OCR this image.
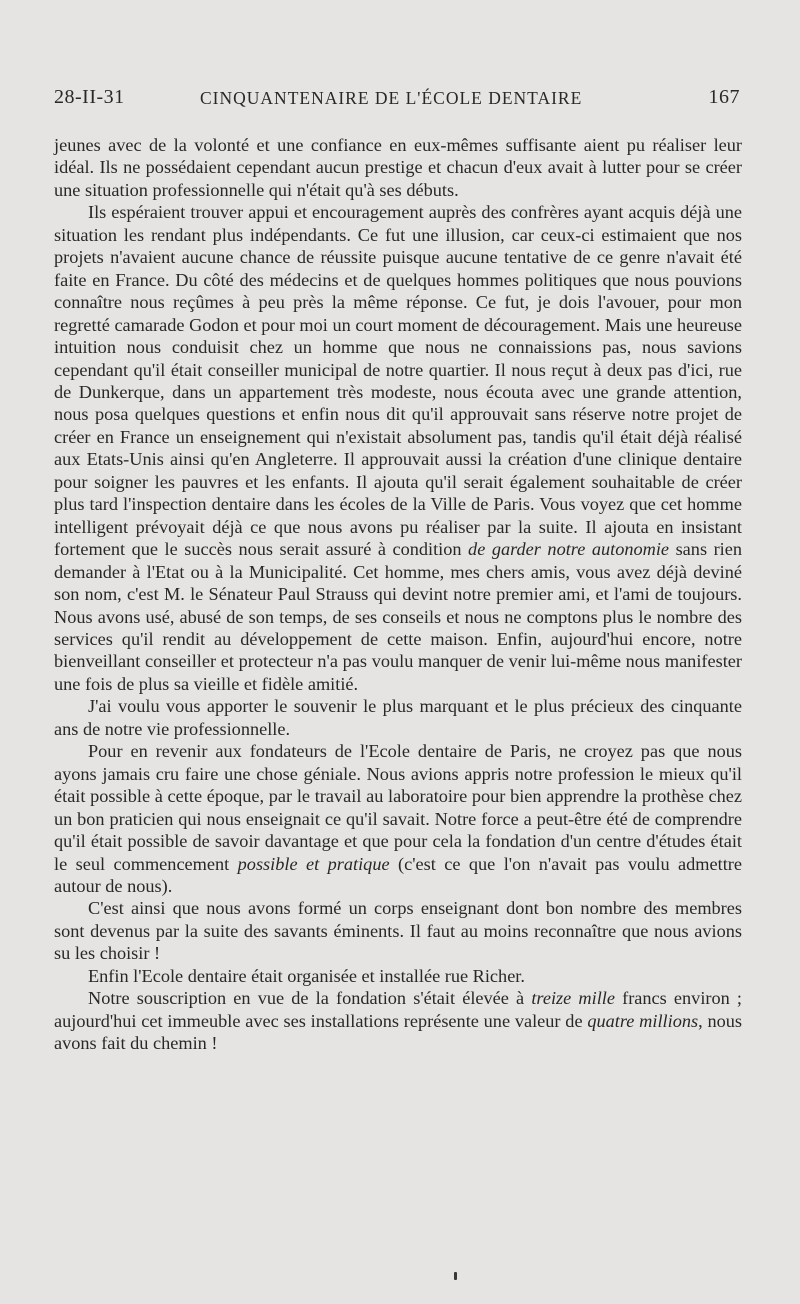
28-II-31	CINQUANTENAIRE DE L'ÉCOLE DENTAIRE	167

jeunes avec de la volonté et une confiance en eux-mêmes suffisante aient pu réaliser leur idéal. Ils ne possédaient cependant aucun prestige et chacun d'eux avait à lutter pour se créer une situation professionnelle qui n'était qu'à ses débuts.

Ils espéraient trouver appui et encouragement auprès des confrères ayant acquis déjà une situation les rendant plus indépendants. Ce fut une illusion, car ceux-ci estimaient que nos projets n'avaient aucune chance de réussite puisque aucune tentative de ce genre n'avait été faite en France. Du côté des médecins et de quelques hommes politiques que nous pouvions connaître nous reçûmes à peu près la même réponse. Ce fut, je dois l'avouer, pour mon regretté camarade Godon et pour moi un court moment de découragement. Mais une heureuse intuition nous conduisit chez un homme que nous ne connaissions pas, nous savions cependant qu'il était conseiller municipal de notre quartier. Il nous reçut à deux pas d'ici, rue de Dunkerque, dans un appartement très modeste, nous écouta avec une grande attention, nous posa quelques questions et enfin nous dit qu'il approuvait sans réserve notre projet de créer en France un enseignement qui n'existait absolument pas, tandis qu'il était déjà réalisé aux Etats-Unis ainsi qu'en Angleterre. Il approuvait aussi la création d'une clinique dentaire pour soigner les pauvres et les enfants. Il ajouta qu'il serait également souhaitable de créer plus tard l'inspection dentaire dans les écoles de la Ville de Paris. Vous voyez que cet homme intelligent prévoyait déjà ce que nous avons pu réaliser par la suite. Il ajouta en insistant fortement que le succès nous serait assuré à condition de garder notre autonomie sans rien demander à l'Etat ou à la Municipalité. Cet homme, mes chers amis, vous avez déjà deviné son nom, c'est M. le Sénateur Paul Strauss qui devint notre premier ami, et l'ami de toujours. Nous avons usé, abusé de son temps, de ses conseils et nous ne comptons plus le nombre des services qu'il rendit au développement de cette maison. Enfin, aujourd'hui encore, notre bienveillant conseiller et protecteur n'a pas voulu manquer de venir lui-même nous manifester une fois de plus sa vieille et fidèle amitié.

J'ai voulu vous apporter le souvenir le plus marquant et le plus précieux des cinquante ans de notre vie professionnelle.

Pour en revenir aux fondateurs de l'Ecole dentaire de Paris, ne croyez pas que nous ayons jamais cru faire une chose géniale. Nous avions appris notre profession le mieux qu'il était possible à cette époque, par le travail au laboratoire pour bien apprendre la prothèse chez un bon praticien qui nous enseignait ce qu'il savait. Notre force a peut-être été de comprendre qu'il était possible de savoir davantage et que pour cela la fondation d'un centre d'études était le seul commencement possible et pratique (c'est ce que l'on n'avait pas voulu admettre autour de nous).

C'est ainsi que nous avons formé un corps enseignant dont bon nombre des membres sont devenus par la suite des savants éminents. Il faut au moins reconnaître que nous avions su les choisir !

Enfin l'Ecole dentaire était organisée et installée rue Richer.

Notre souscription en vue de la fondation s'était élevée à treize mille francs environ ; aujourd'hui cet immeuble avec ses installations représente une valeur de quatre millions, nous avons fait du chemin !
